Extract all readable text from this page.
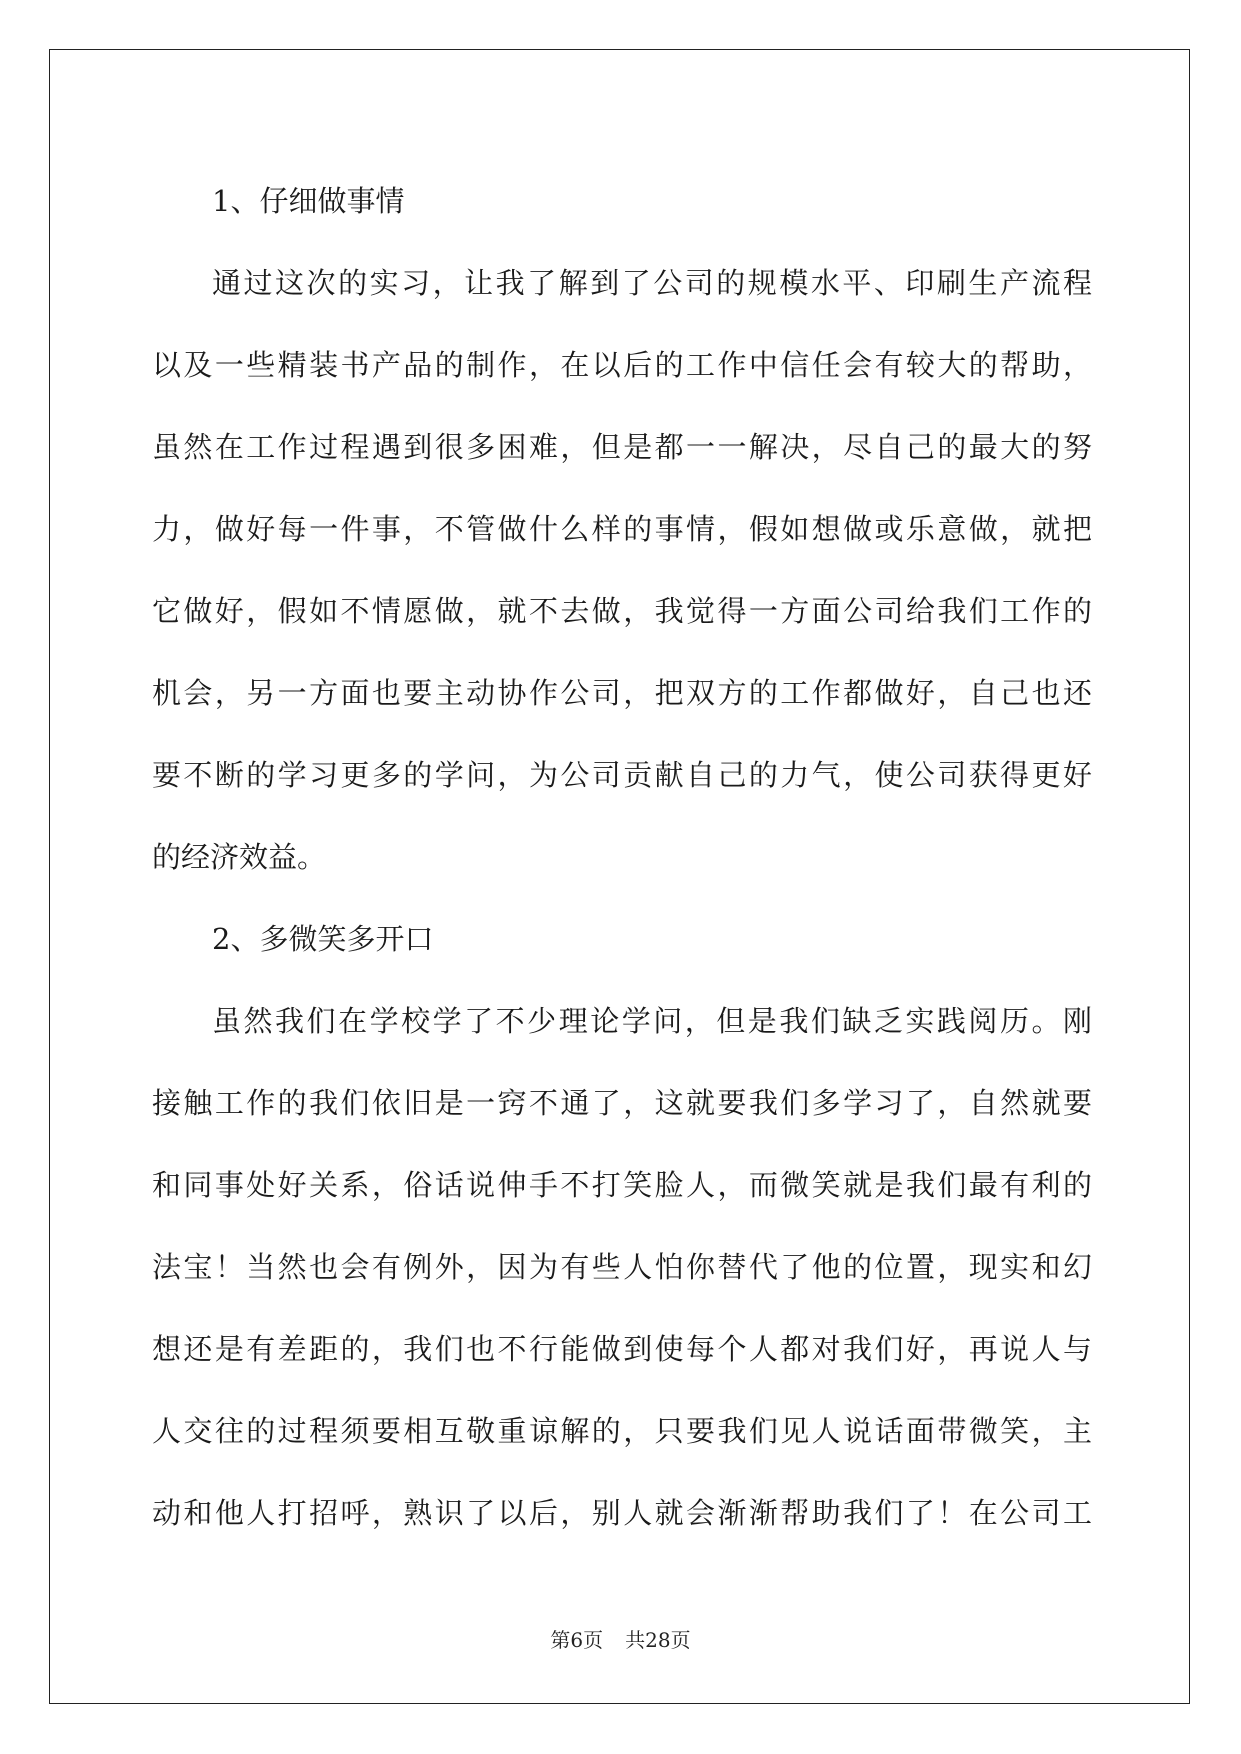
1、仔细做事情
通过这次的实习，让我了解到了公司的规模水平、印刷生产流程
以及一些精装书产品的制作，在以后的工作中信任会有较大的帮助，
虽然在工作过程遇到很多困难，但是都一一解决，尽自己的最大的努
力，做好每一件事，不管做什么样的事情，假如想做或乐意做，就把
它做好，假如不情愿做，就不去做，我觉得一方面公司给我们工作的
机会，另一方面也要主动协作公司，把双方的工作都做好，自己也还
要不断的学习更多的学问，为公司贡献自己的力气，使公司获得更好
的经济效益。
2、多微笑多开口
虽然我们在学校学了不少理论学问，但是我们缺乏实践阅历。刚
接触工作的我们依旧是一窍不通了，这就要我们多学习了，自然就要
和同事处好关系，俗话说伸手不打笑脸人，而微笑就是我们最有利的
法宝！当然也会有例外，因为有些人怕你替代了他的位置，现实和幻
想还是有差距的，我们也不行能做到使每个人都对我们好，再说人与
人交往的过程须要相互敬重谅解的，只要我们见人说话面带微笑，主
动和他人打招呼，熟识了以后，别人就会渐渐帮助我们了！在公司工
第6页 共28页
